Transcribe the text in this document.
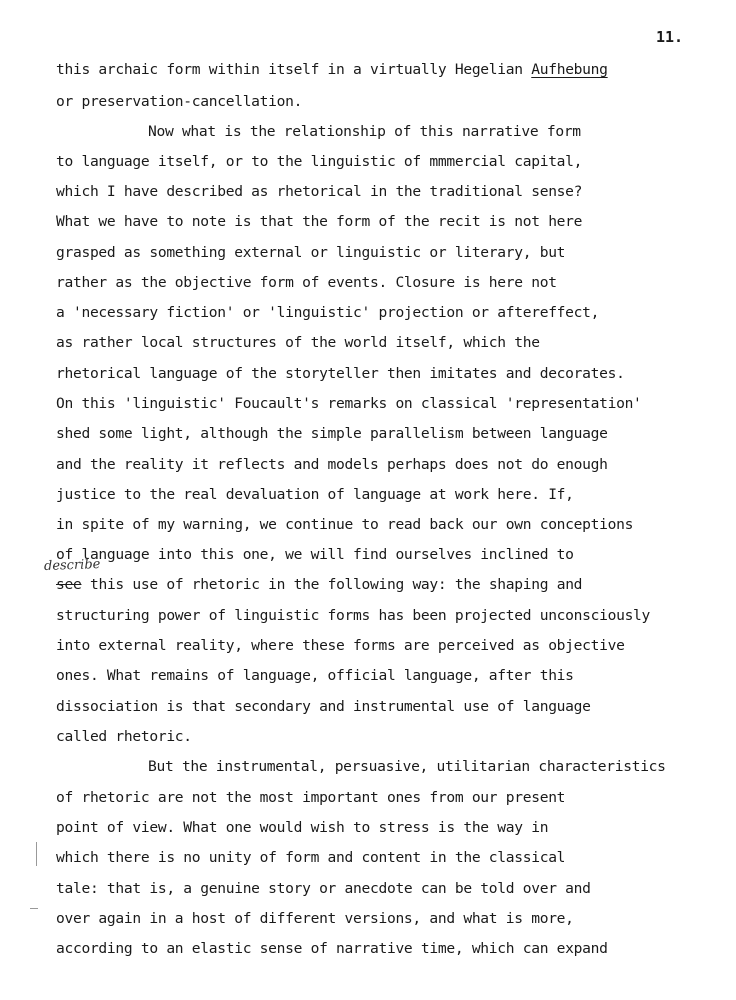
11.
this archaic form within itself in a virtually Hegelian Aufhebung
or preservation-cancellation.
Now what is the relationship of this narrative form
to language itself, or to the linguistic of mmmercial capital,
which I have described as rhetorical in the traditional sense?
What we have to note is that the form of the recit is not here
grasped as something external or linguistic or literary, but
rather as the objective form of events. Closure is here not
a 'necessary fiction' or 'linguistic' projection or aftereffect,
as rather local structures of the world itself, which the
rhetorical language of the storyteller then imitates and decorates.
On this 'linguistic' Foucault's remarks on classical 'representation'
shed some light, although the simple parallelism between language
and the reality it reflects and models perhaps does not do enough
justice to the real devaluation of language at work here. If,
in spite of my warning, we continue to read back our own conceptions
of language into this one, we will find ourselves inclined to
describe
see this use of rhetoric in the following way: the shaping and
structuring power of linguistic forms has been projected unconsciously
into external reality, where these forms are perceived as objective
ones. What remains of language, official language, after this
dissociation is that secondary and instrumental use of language
called rhetoric.
But the instrumental, persuasive, utilitarian characteristics
of rhetoric are not the most important ones from our present
point of view. What one would wish to stress is the way in
which there is no unity of form and content in the classical
tale: that is, a genuine story or anecdote can be told over and
over again in a host of different versions, and what is more,
according to an elastic sense of narrative time, which can expand
